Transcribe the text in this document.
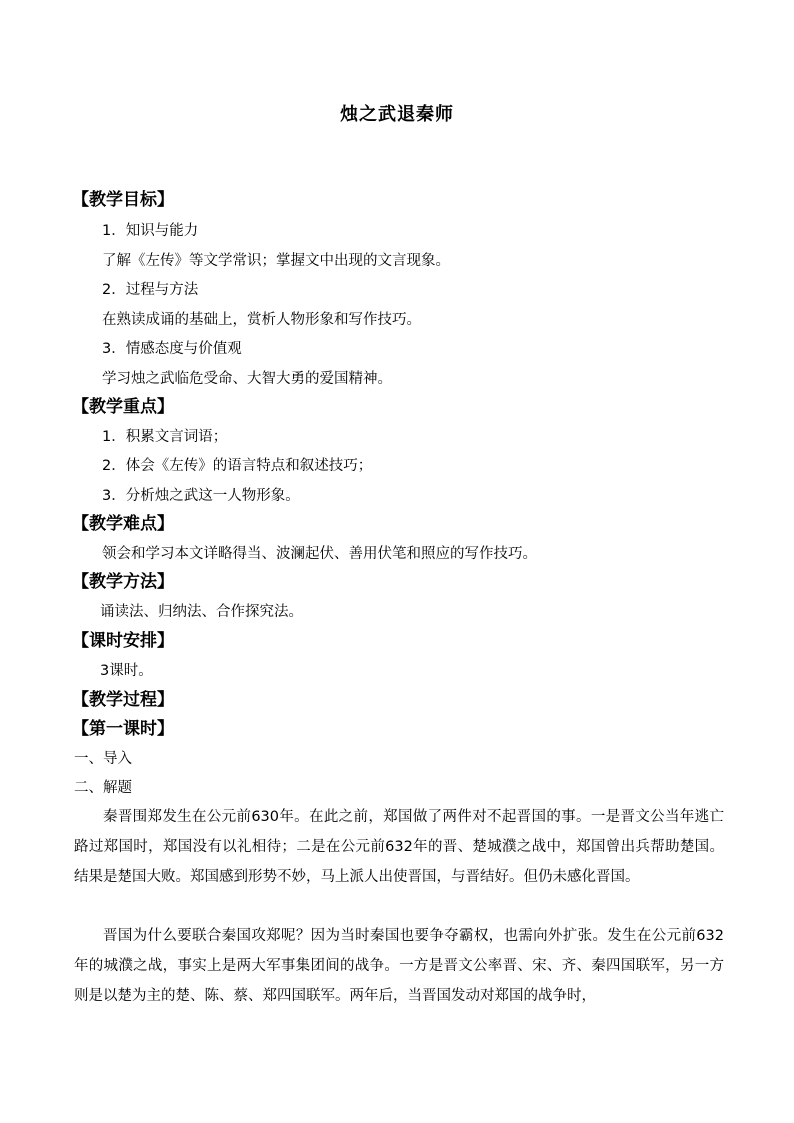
烛之武退秦师
【教学目标】
1．知识与能力
了解《左传》等文学常识；掌握文中出现的文言现象。
2．过程与方法
在熟读成诵的基础上，赏析人物形象和写作技巧。
3．情感态度与价值观
学习烛之武临危受命、大智大勇的爱国精神。
【教学重点】
1．积累文言词语；
2．体会《左传》的语言特点和叙述技巧；
3．分析烛之武这一人物形象。
【教学难点】
领会和学习本文详略得当、波澜起伏、善用伏笔和照应的写作技巧。
【教学方法】
诵读法、归纳法、合作探究法。
【课时安排】
3课时。
【教学过程】
【第一课时】
一、导入
二、解题

秦晋围郑发生在公元前630年。在此之前，郑国做了两件对不起晋国的事。一是晋文公当年逃亡路过郑国时，郑国没有以礼相待；二是在公元前632年的晋、楚城濮之战中，郑国曾出兵帮助楚国。结果是楚国大败。郑国感到形势不妙，马上派人出使晋国，与晋结好。但仍未感化晋国。

晋国为什么要联合秦国攻郑呢？因为当时秦国也要争夺霸权，也需向外扩张。发生在公元前632年的城濮之战，事实上是两大军事集团间的战争。一方是晋文公率晋、宋、齐、秦四国联军，另一方则是以楚为主的楚、陈、蔡、郑四国联军。两年后，当晋国发动对郑国的战争时，
